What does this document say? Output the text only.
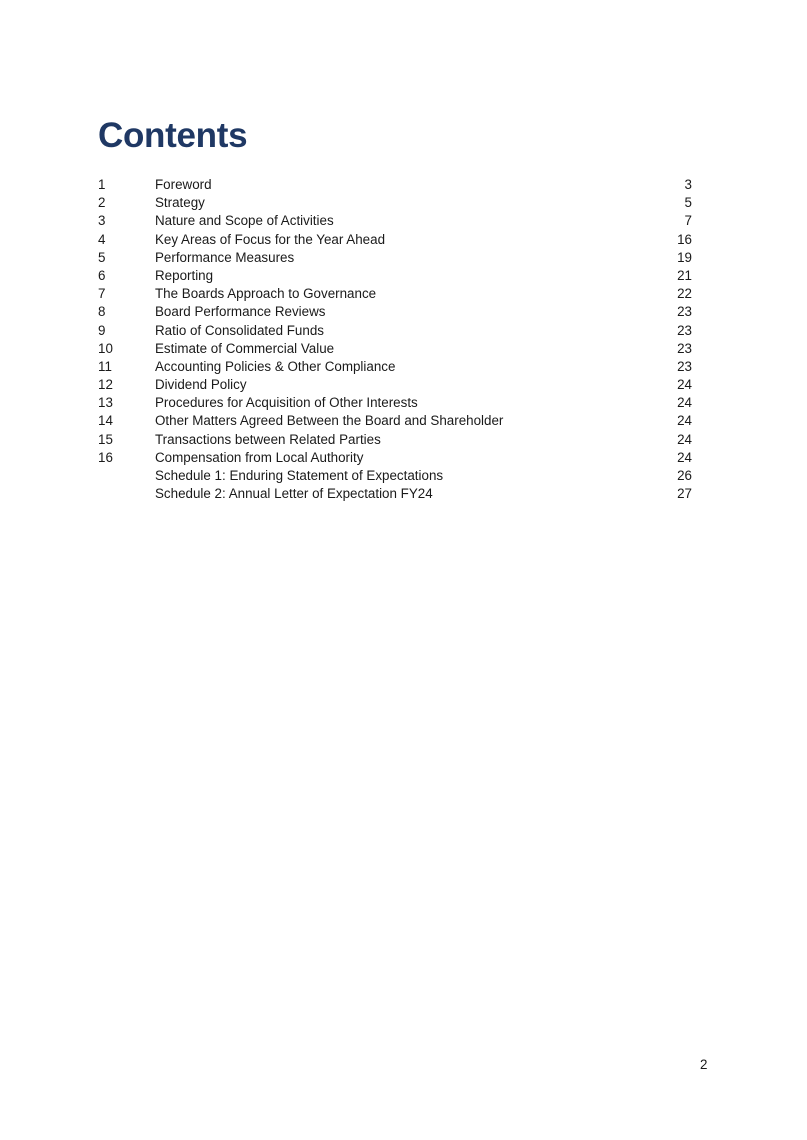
Contents
1	Foreword	3
2	Strategy	5
3	Nature and Scope of Activities	7
4	Key Areas of Focus for the Year Ahead	16
5	Performance Measures	19
6	Reporting	21
7	The Boards Approach to Governance	22
8	Board Performance Reviews	23
9	Ratio of Consolidated Funds	23
10	Estimate of Commercial Value	23
11	Accounting Policies & Other Compliance	23
12	Dividend Policy	24
13	Procedures for Acquisition of Other Interests	24
14	Other Matters Agreed Between the Board and Shareholder	24
15	Transactions between Related Parties	24
16	Compensation from Local Authority	24
Schedule 1: Enduring Statement of Expectations	26
Schedule 2: Annual Letter of Expectation FY24	27
2
